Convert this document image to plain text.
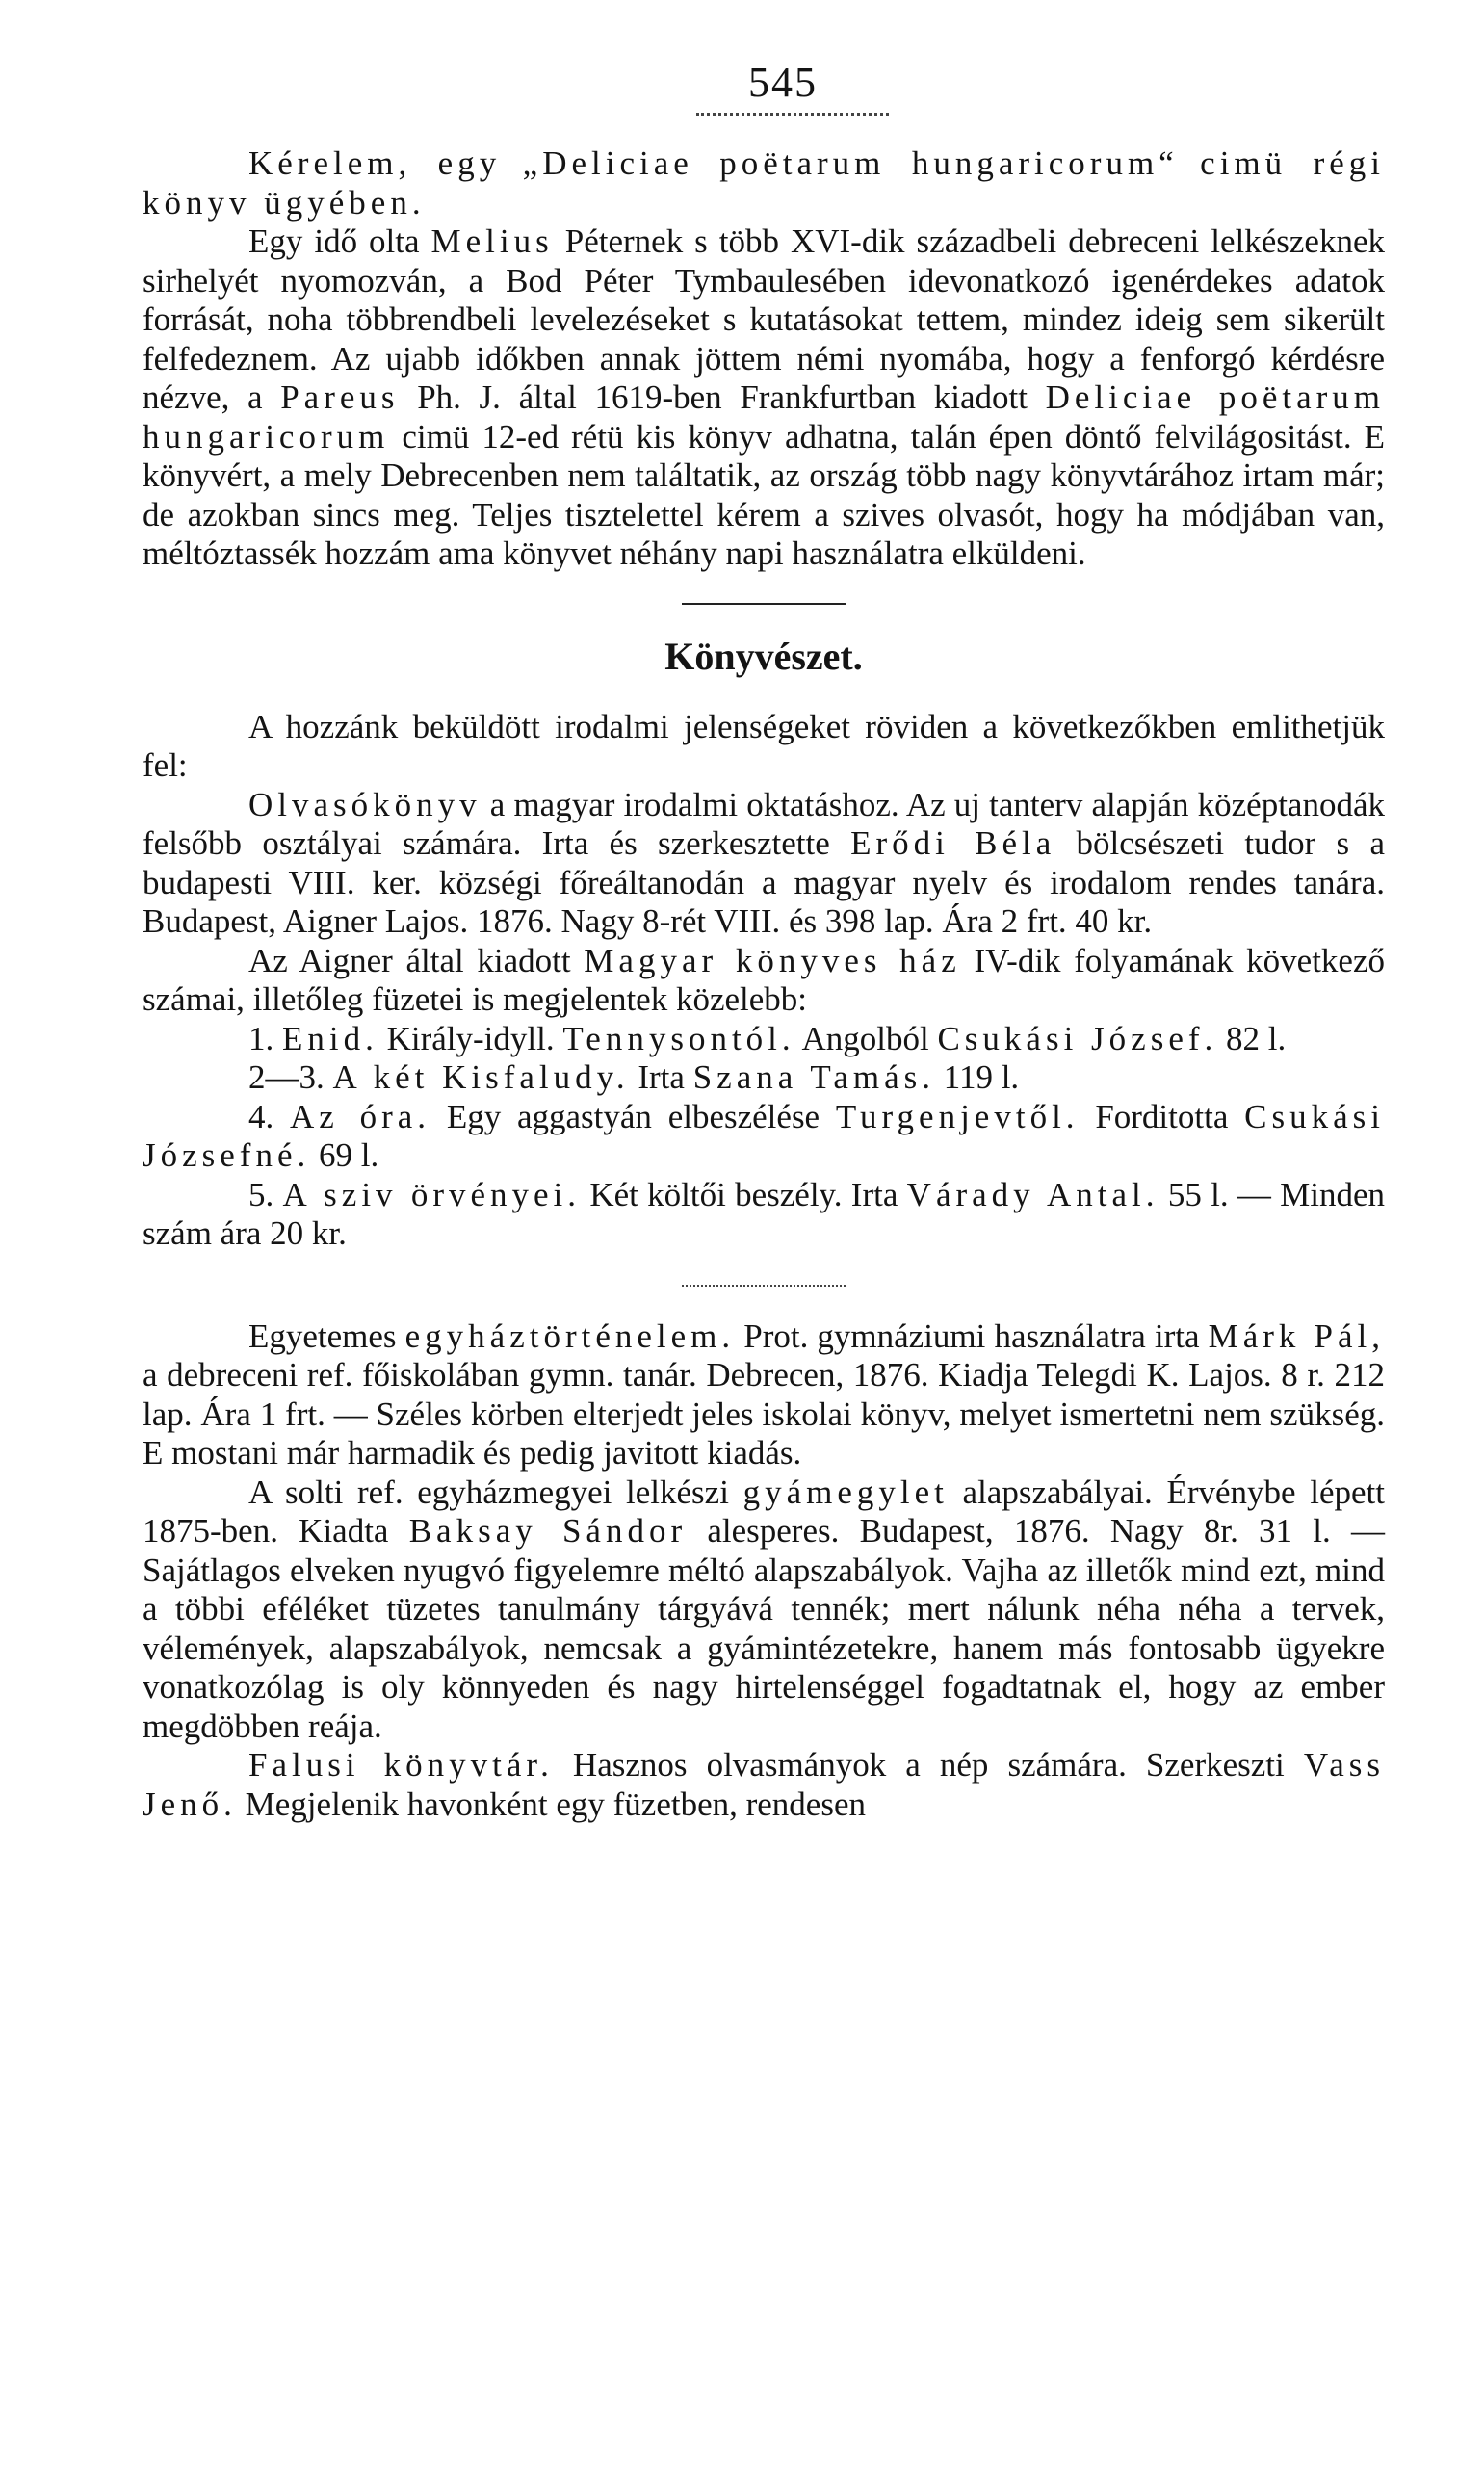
545

Kérelem, egy „Deliciae poëtarum hungaricorum“ cimü régi könyv ügyében.

Egy idő olta Melius Péternek s több XVI-dik századbeli debreceni lelkészeknek sirhelyét nyomozván, a Bod Péter Tymbaulesében idevonatkozó igenérdekes adatok forrását, noha többrendbeli levelezéseket s kutatásokat tettem, mindez ideig sem sikerült felfedeznem. Az ujabb időkben annak jöttem némi nyomába, hogy a fenforgó kérdésre nézve, a Pareus Ph. J. által 1619-ben Frankfurtban kiadott Deliciae poëtarum hungaricorum cimü 12-ed rétü kis könyv adhatna, talán épen döntő felvilágositást. E könyvért, a mely Debrecenben nem találtatik, az ország több nagy könyvtárához irtam már; de azokban sincs meg. Teljes tisztelettel kérem a szives olvasót, hogy ha módjában van, méltóztassék hozzám ama könyvet néhány napi használatra elküldeni.

Könyvészet.

A hozzánk beküldött irodalmi jelenségeket röviden a következőkben emlithetjük fel:

Olvasókönyv a magyar irodalmi oktatáshoz. Az uj tanterv alapján középtanodák felsőbb osztályai számára. Irta és szerkesztette Erődi Béla bölcsészeti tudor s a budapesti VIII. ker. községi főreáltanodán a magyar nyelv és irodalom rendes tanára. Budapest, Aigner Lajos. 1876. Nagy 8-rét VIII. és 398 lap. Ára 2 frt. 40 kr.

Az Aigner által kiadott Magyar könyves ház IV-dik folyamának következő számai, illetőleg füzetei is megjelentek közelebb:

1. Enid. Király-idyll. Tennysontól. Angolból Csukási József. 82 l.

2—3. A két Kisfaludy. Irta Szana Tamás. 119 l.

4. Az óra. Egy aggastyán elbeszélése Turgenjevtől. Forditotta Csukási Józsefné. 69 l.

5. A sziv örvényei. Két költői beszély. Irta Várady Antal. 55 l. — Minden szám ára 20 kr.

Egyetemes egyháztörténelem. Prot. gymnáziumi használatra irta Márk Pál, a debreceni ref. főiskolában gymn. tanár. Debrecen, 1876. Kiadja Telegdi K. Lajos. 8 r. 212 lap. Ára 1 frt. — Széles körben elterjedt jeles iskolai könyv, melyet ismertetni nem szükség. E mostani már harmadik és pedig javitott kiadás.

A solti ref. egyházmegyei lelkészi gyámegylet alapszabályai. Érvénybe lépett 1875-ben. Kiadta Baksay Sándor alesperes. Budapest, 1876. Nagy 8r. 31 l. — Sajátlagos elveken nyugvó figyelemre méltó alapszabályok. Vajha az illetők mind ezt, mind a többi eféléket tüzetes tanulmány tárgyává tennék; mert nálunk néha néha a tervek, vélemények, alapszabályok, nemcsak a gyámintézetekre, hanem más fontosabb ügyekre vonatkozólag is oly könnyeden és nagy hirtelenséggel fogadtatnak el, hogy az ember megdöbben reája.

Falusi könyvtár. Hasznos olvasmányok a nép számára. Szerkeszti Vass Jenő. Megjelenik havonként egy füzetben, rendesen
